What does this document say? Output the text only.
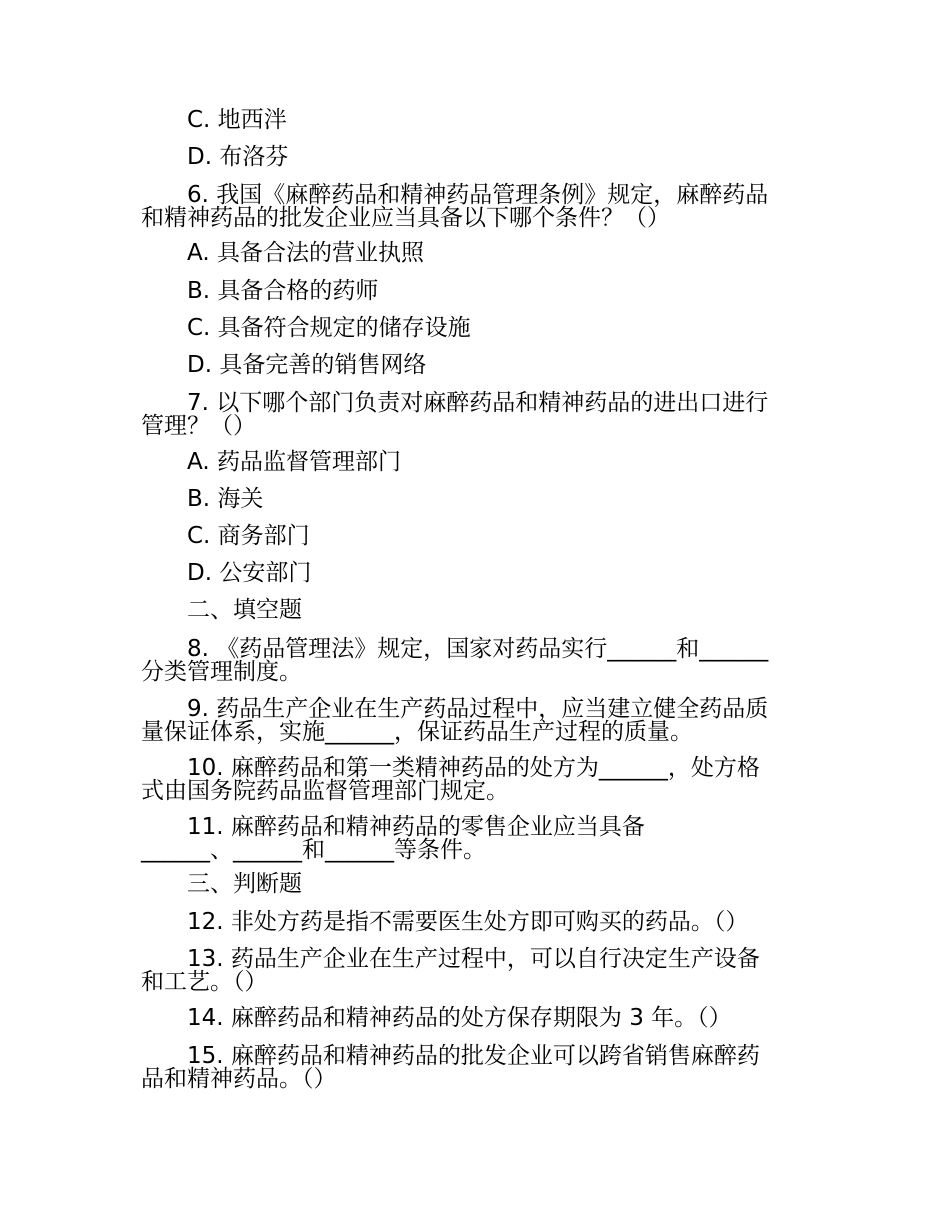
C. 地西泮
D. 布洛芬
6. 我国《麻醉药品和精神药品管理条例》规定，麻醉药品
和精神药品的批发企业应当具备以下哪个条件？（）
A. 具备合法的营业执照
B. 具备合格的药师
C. 具备符合规定的储存设施
D. 具备完善的销售网络
7. 以下哪个部门负责对麻醉药品和精神药品的进出口进行
管理？（）
A. 药品监督管理部门
B. 海关
C. 商务部门
D. 公安部门
二、填空题
8. 《药品管理法》规定，国家对药品实行______和______
分类管理制度。
9. 药品生产企业在生产药品过程中，应当建立健全药品质
量保证体系，实施______，保证药品生产过程的质量。
10. 麻醉药品和第一类精神药品的处方为______，处方格
式由国务院药品监督管理部门规定。
11. 麻醉药品和精神药品的零售企业应当具备
______、______和______等条件。
三、判断题
12. 非处方药是指不需要医生处方即可购买的药品。（）
13. 药品生产企业在生产过程中，可以自行决定生产设备
和工艺。（）
14. 麻醉药品和精神药品的处方保存期限为 3 年。（）
15. 麻醉药品和精神药品的批发企业可以跨省销售麻醉药
品和精神药品。（）
